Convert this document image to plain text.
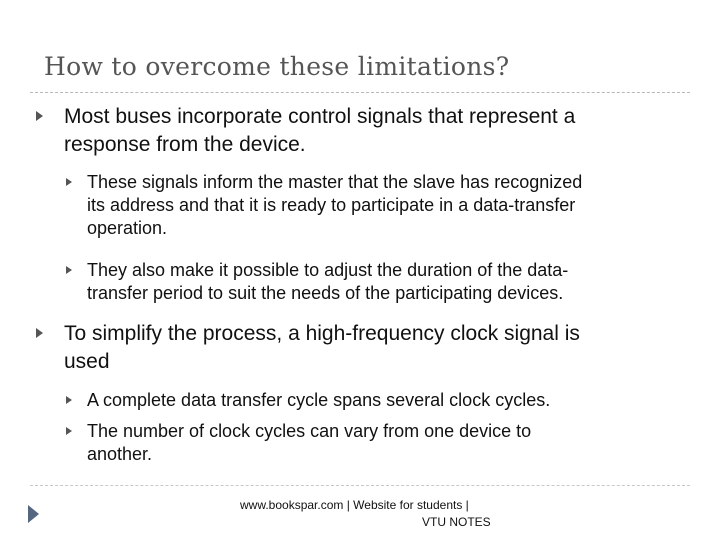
How to overcome these limitations?
Most buses incorporate control signals that represent a
response from the device.
These signals inform the master that the slave has recognized
its address and that it is ready to participate in a data-transfer
operation.
They also make it possible to adjust the duration of the data-
transfer period to suit the needs of the participating devices.
To simplify the process, a high-frequency clock signal is
used
A complete data transfer cycle spans several clock cycles.
The number of clock cycles can vary from one device to
another.
www.bookspar.com | Website for students |
VTU NOTES
